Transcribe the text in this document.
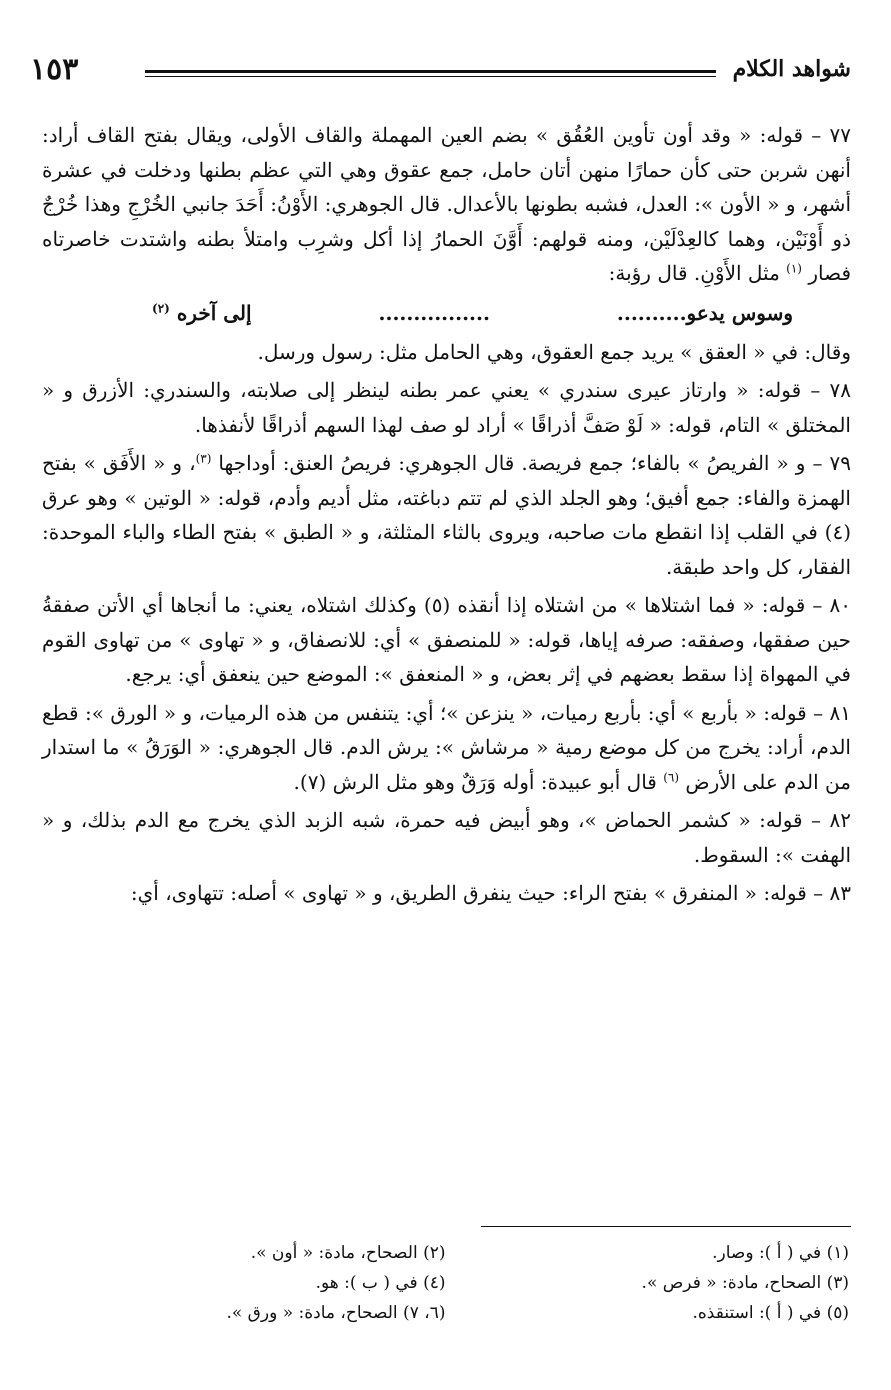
شواهد الكلام
١٥٣

٧٧ – قوله: « وقد أون تأوين العُقُق » بضم العين المهملة والقاف الأولى، ويقال بفتح القاف أراد: أنهن شربن حتى كأن حمارًا منهن أتان حامل، جمع عقوق وهي التي عظم بطنها ودخلت في عشرة أشهر، و « الأون »: العدل، فشبه بطونها بالأعدال. قال الجوهري: الأَوْنُ: أَحَدَ جانبي الخُرْجِ وهذا خُرْجٌ ذو أَوْنَيْن، وهما كالعِدْلَيْن، ومنه قولهم: أَوَّنَ الحمارُ إذا أكل وشرِب وامتلأ بطنه واشتدت خاصرتاه فصار $^{(١)}$ مثل الأَوْنِ. قال رؤبة:

وسوس يدعو..........
................
إلى آخره $^{(٢)}$

وقال: في « العقق » يريد جمع العقوق، وهي الحامل مثل: رسول ورسل.

٧٨ – قوله: « وارتاز عيرى سندري » يعني عمر بطنه لينظر إلى صلابته، والسندري: الأزرق و « المختلق » التام، قوله: « لَوْ صَفَّ أذراقًا » أراد لو صف لهذا السهم أذراقًا لأنفذها.

٧٩ – و « الفريصُ » بالفاء؛ جمع فريصة. قال الجوهري: فريصُ العنق: أوداجها $^{(٣)}$، و « الأَفَق » بفتح الهمزة والفاء: جمع أفيق؛ وهو الجلد الذي لم تتم دباغته، مثل أديم وأدم، قوله: « الوتين » وهو عرق (٤) في القلب إذا انقطع مات صاحبه، ويروى بالثاء المثلثة، و « الطبق » بفتح الطاء والباء الموحدة: الفقار، كل واحد طبقة.

٨٠ – قوله: « فما اشتلاها » من اشتلاه إذا أنقذه (٥) وكذلك اشتلاه، يعني: ما أنجاها أي الأتن صفقةُ حين صفقها، وصفقه: صرفه إياها، قوله: « للمنصفق » أي: للانصفاق، و « تهاوى » من تهاوى القوم في المهواة إذا سقط بعضهم في إثر بعض، و « المنعفق »: الموضع حين ينعفق أي: يرجع.

٨١ – قوله: « بأربع » أي: بأربع رميات، « ينزعن »؛ أي: يتنفس من هذه الرميات، و « الورق »: قطع الدم، أراد: يخرج من كل موضع رمية « مرشاش »: يرش الدم. قال الجوهري: « الوَرَقُ » ما استدار من الدم على الأرض $^{(٦)}$ قال أبو عبيدة: أوله وَرَقٌ وهو مثل الرش (٧).

٨٢ – قوله: « كشمر الحماض »، وهو أبيض فيه حمرة، شبه الزبد الذي يخرج مع الدم بذلك، و « الهفت »: السقوط.

٨٣ – قوله: « المنفرق » بفتح الراء: حيث ينفرق الطريق، و « تهاوى » أصله: تتهاوى، أي:

(١) في ( أ ): وصار.
(٢) الصحاح، مادة: « أون ».
(٣) الصحاح، مادة: « فرص ».
(٤) في ( ب ): هو.
(٥) في ( أ ): استنقذه.
(٦، ٧) الصحاح، مادة: « ورق ».
